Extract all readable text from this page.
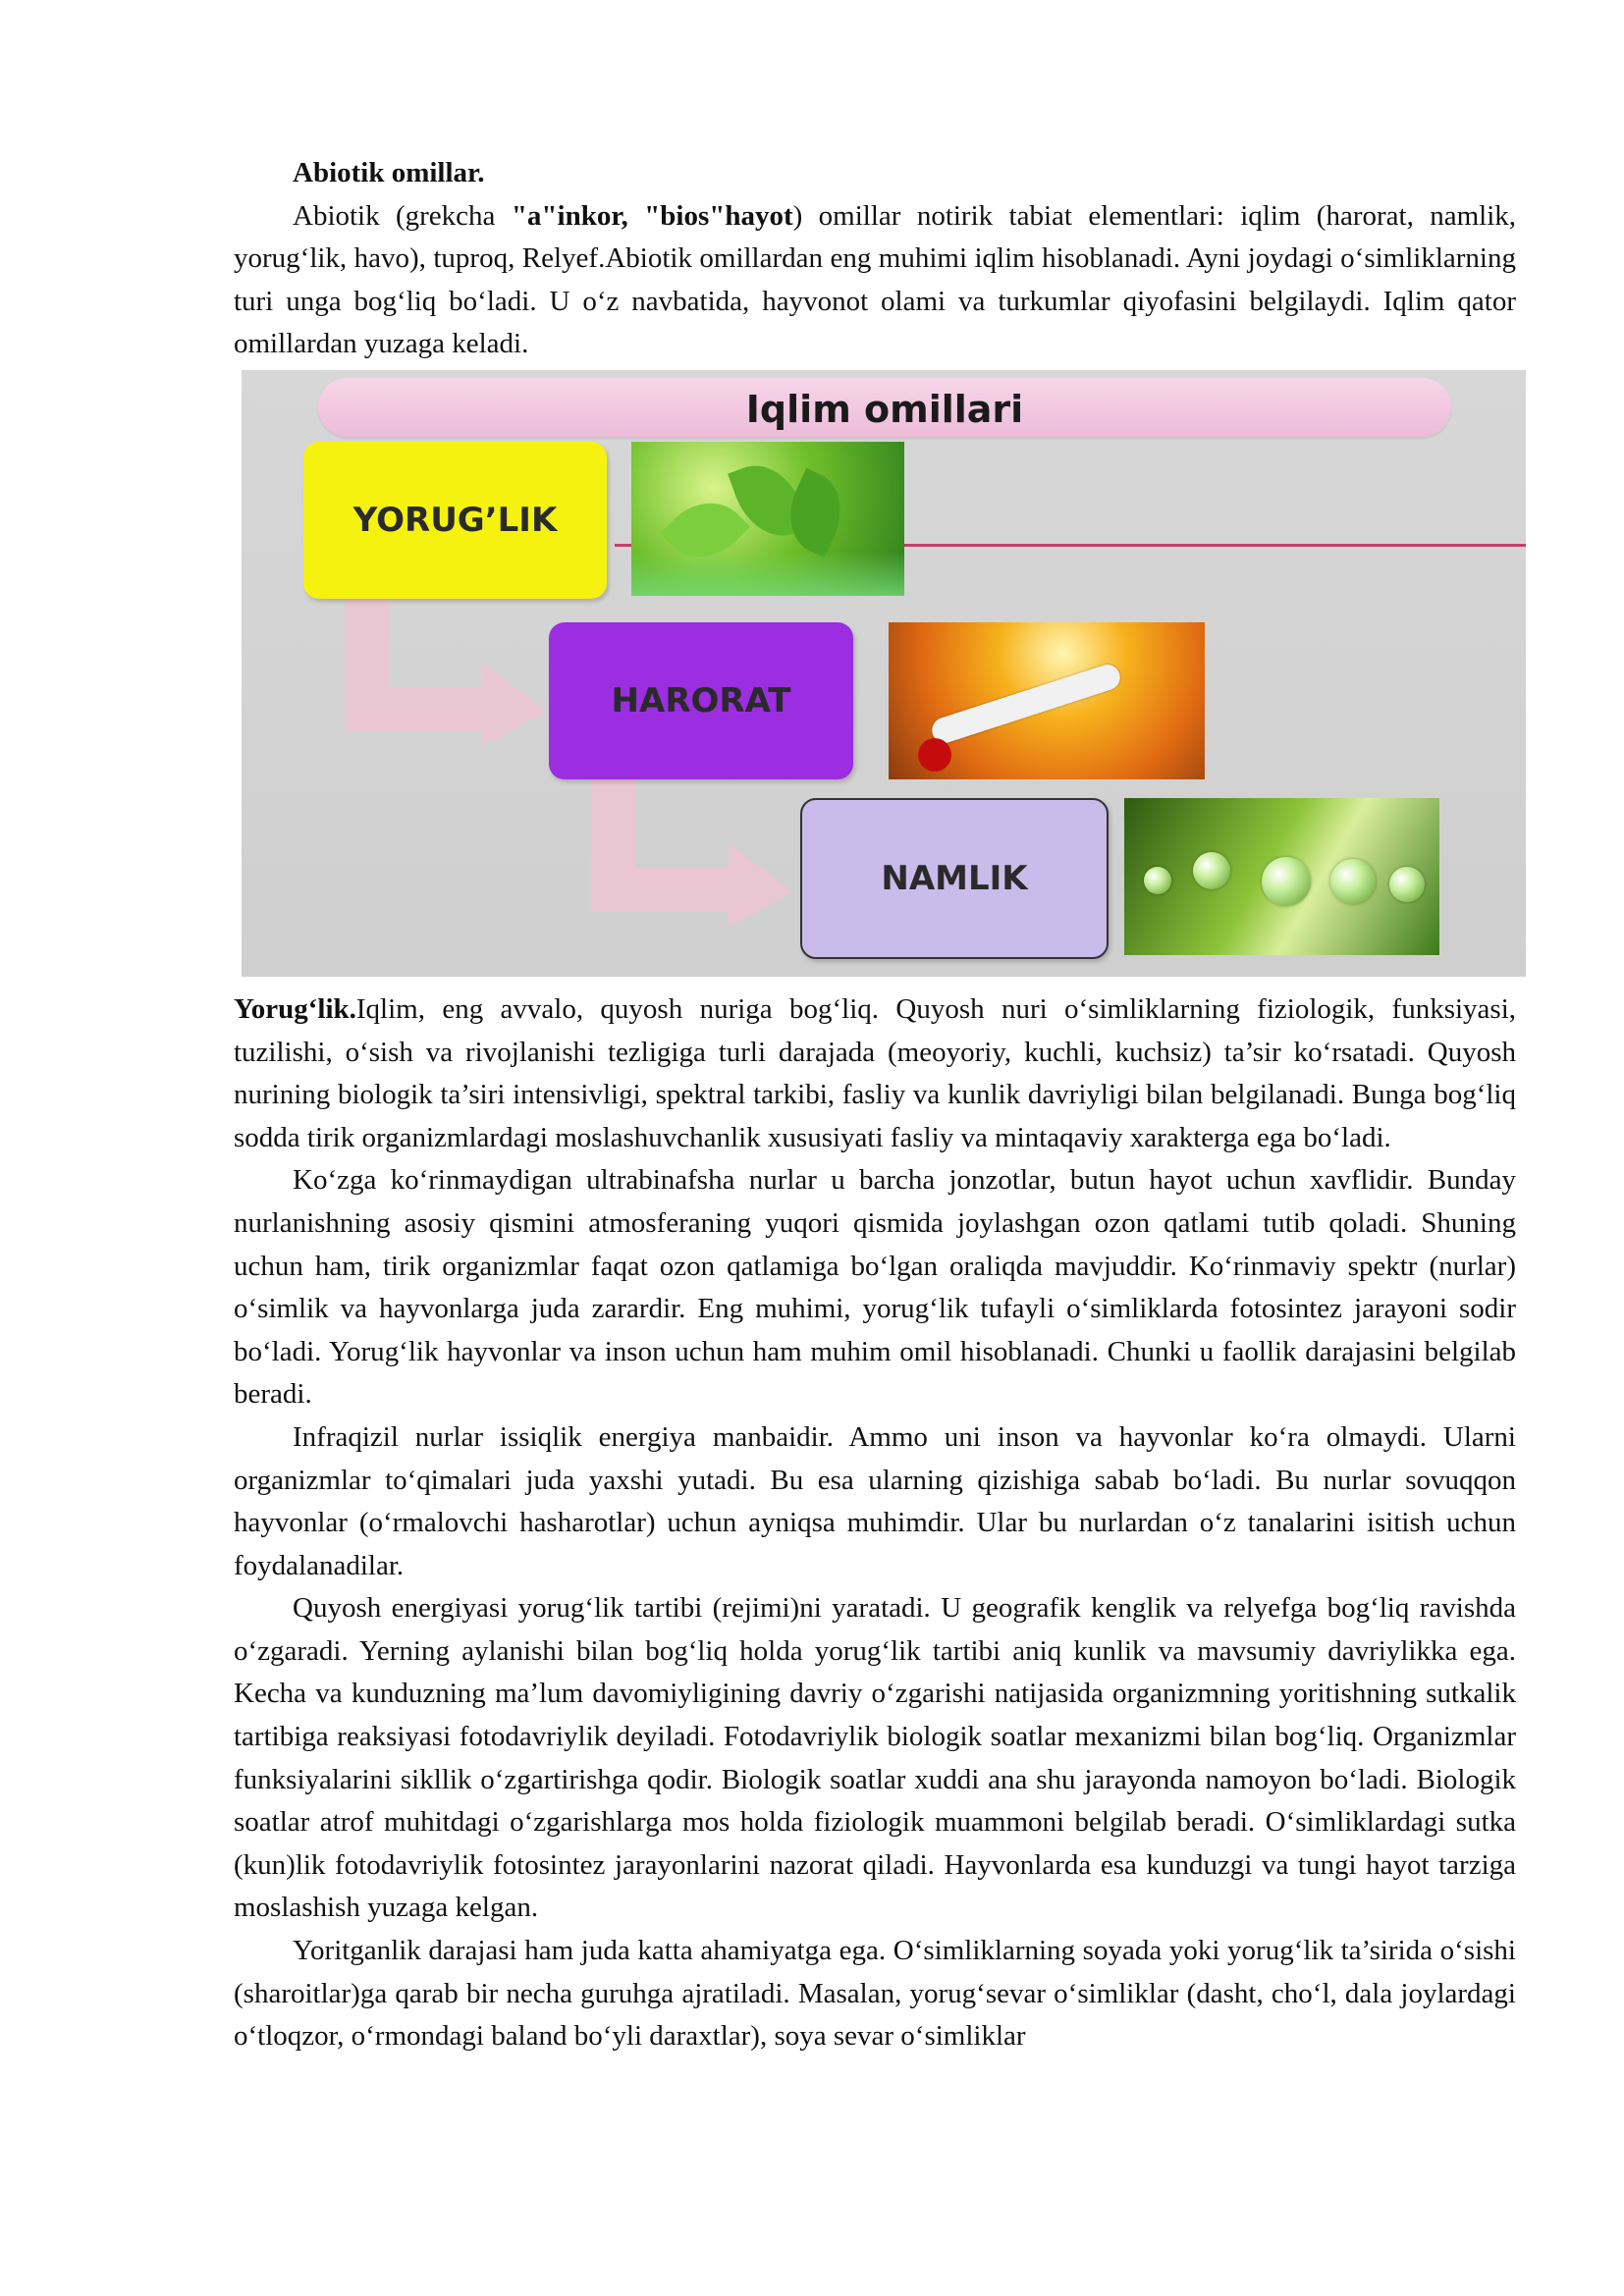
Abiotik omillar.

Abiotik (grekcha "a"inkor, "bios"hayot) omillar notirik tabiat elementlari: iqlim (harorat, namlik, yorug‘lik, havo), tuproq, Relyef.Abiotik omillardan eng muhimi iqlim hisoblanadi. Ayni joydagi o‘simliklarning turi unga bog‘liq bo‘ladi. U o‘z navbatida, hayvonot olami va turkumlar qiyofasini belgilaydi. Iqlim qator omillardan yuzaga keladi.

Iqlim omillari
YORUG’LIK
HARORAT
NAMLIK

Yorug‘lik.Iqlim, eng avvalo, quyosh nuriga bog‘liq. Quyosh nuri o‘simliklarning fiziologik, funksiyasi, tuzilishi, o‘sish va rivojlanishi tezligiga turli darajada (meoyoriy, kuchli, kuchsiz) ta’sir ko‘rsatadi. Quyosh nurining biologik ta’siri intensivligi, spektral tarkibi, fasliy va kunlik davriyligi bilan belgilanadi. Bunga bog‘liq sodda tirik organizmlardagi moslashuvchanlik xususiyati fasliy va mintaqaviy xarakterga ega bo‘ladi.

Ko‘zga ko‘rinmaydigan ultrabinafsha nurlar u barcha jonzotlar, butun hayot uchun xavflidir. Bunday nurlanishning asosiy qismini atmosferaning yuqori qismida joylashgan ozon qatlami tutib qoladi. Shuning uchun ham, tirik organizmlar faqat ozon qatlamiga bo‘lgan oraliqda mavjuddir. Ko‘rinmaviy spektr (nurlar) o‘simlik va hayvonlarga juda zarardir. Eng muhimi, yorug‘lik tufayli o‘simliklarda fotosintez jarayoni sodir bo‘ladi. Yorug‘lik hayvonlar va inson uchun ham muhim omil hisoblanadi. Chunki u faollik darajasini belgilab beradi.

Infraqizil nurlar issiqlik energiya manbaidir. Ammo uni inson va hayvonlar ko‘ra olmaydi. Ularni organizmlar to‘qimalari juda yaxshi yutadi. Bu esa ularning qizishiga sabab bo‘ladi. Bu nurlar sovuqqon hayvonlar (o‘rmalovchi hasharotlar) uchun ayniqsa muhimdir. Ular bu nurlardan o‘z tanalarini isitish uchun foydalanadilar.

Quyosh energiyasi yorug‘lik tartibi (rejimi)ni yaratadi. U geografik kenglik va relyefga bog‘liq ravishda o‘zgaradi. Yerning aylanishi bilan bog‘liq holda yorug‘lik tartibi aniq kunlik va mavsumiy davriylikka ega. Kecha va kunduzning ma’lum davomiyligining davriy o‘zgarishi natijasida organizmning yoritishning sutkalik tartibiga reaksiyasi fotodavriylik deyiladi. Fotodavriylik biologik soatlar mexanizmi bilan bog‘liq. Organizmlar funksiyalarini sikllik o‘zgartirishga qodir. Biologik soatlar xuddi ana shu jarayonda namoyon bo‘ladi. Biologik soatlar atrof muhitdagi o‘zgarishlarga mos holda fiziologik muammoni belgilab beradi. O‘simliklardagi sutka (kun)lik fotodavriylik fotosintez jarayonlarini nazorat qiladi. Hayvonlarda esa kunduzgi va tungi hayot tarziga moslashish yuzaga kelgan.

Yoritganlik darajasi ham juda katta ahamiyatga ega. O‘simliklarning soyada yoki yorug‘lik ta’sirida o‘sishi (sharoitlar)ga qarab bir necha guruhga ajratiladi. Masalan, yorug‘sevar o‘simliklar (dasht, cho‘l, dala joylardagi o‘tloqzor, o‘rmondagi baland bo‘yli daraxtlar), soya sevar o‘simliklar
